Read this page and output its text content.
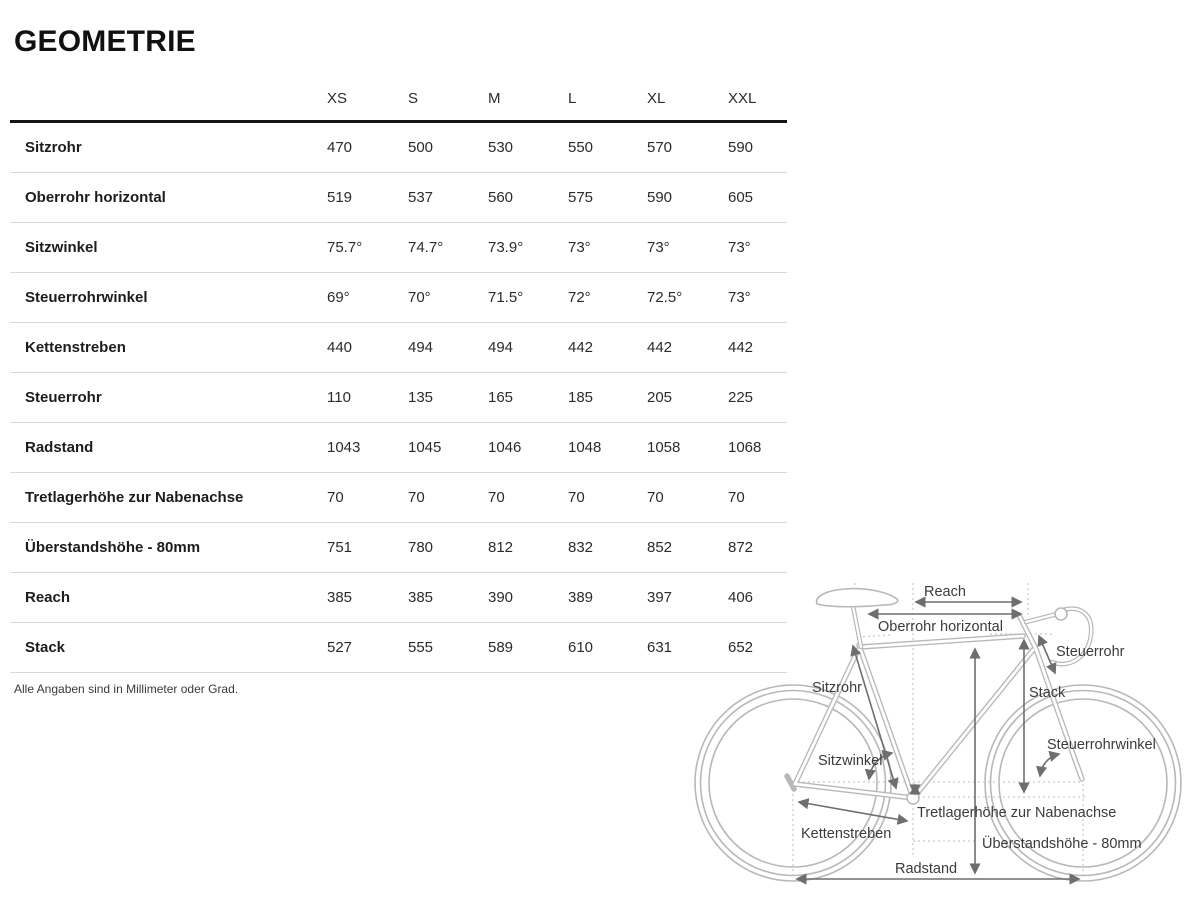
GEOMETRIE
XS	S	M	L	XL	XXL
Sitzrohr	470	500	530	550	570	590
Oberrohr horizontal	519	537	560	575	590	605
Sitzwinkel	75.7°	74.7°	73.9°	73°	73°	73°
Steuerrohrwinkel	69°	70°	71.5°	72°	72.5°	73°
Kettenstreben	440	494	494	442	442	442
Steuerrohr	110	135	165	185	205	225
Radstand	1043	1045	1046	1048	1058	1068
Tretlagerhöhe zur Nabenachse	70	70	70	70	70	70
Überstandshöhe - 80mm	751	780	812	832	852	872
Reach	385	385	390	389	397	406
Stack	527	555	589	610	631	652
Alle Angaben sind in Millimeter oder Grad.
Reach
Oberrohr horizontal
Steuerrohr
Sitzrohr	Stack
Steuerrohrwinkel
Sitzwinkel
Tretlagerhöhe zur Nabenachse
Kettenstreben
Überstandshöhe - 80mm
Radstand
